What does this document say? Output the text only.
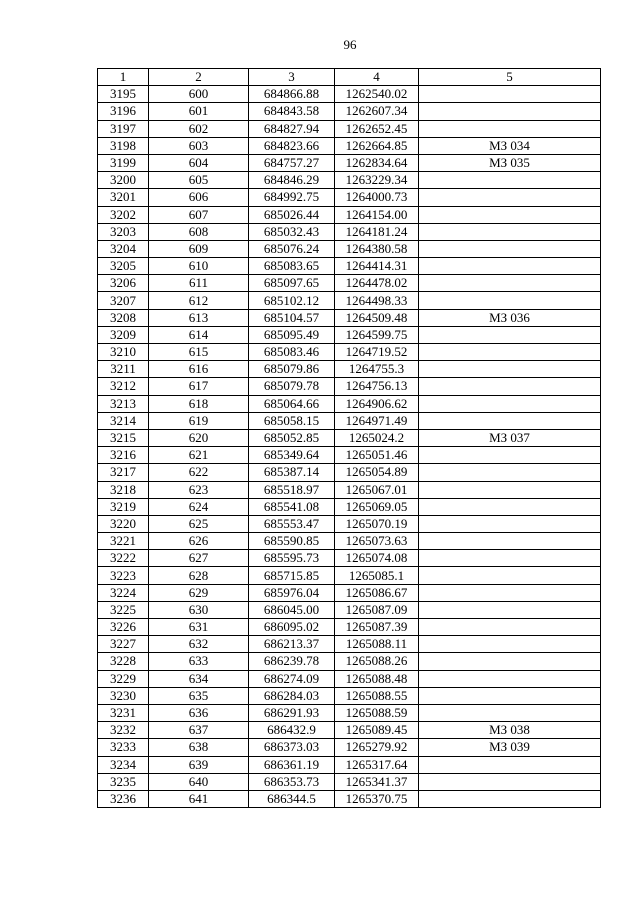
96
1	2	3	4	5
3195	600	684866.88	1262540.02	
3196	601	684843.58	1262607.34	
3197	602	684827.94	1262652.45	
3198	603	684823.66	1262664.85	МЗ 034
3199	604	684757.27	1262834.64	МЗ 035
3200	605	684846.29	1263229.34	
3201	606	684992.75	1264000.73	
3202	607	685026.44	1264154.00	
3203	608	685032.43	1264181.24	
3204	609	685076.24	1264380.58	
3205	610	685083.65	1264414.31	
3206	611	685097.65	1264478.02	
3207	612	685102.12	1264498.33	
3208	613	685104.57	1264509.48	МЗ 036
3209	614	685095.49	1264599.75	
3210	615	685083.46	1264719.52	
3211	616	685079.86	1264755.3	
3212	617	685079.78	1264756.13	
3213	618	685064.66	1264906.62	
3214	619	685058.15	1264971.49	
3215	620	685052.85	1265024.2	МЗ 037
3216	621	685349.64	1265051.46	
3217	622	685387.14	1265054.89	
3218	623	685518.97	1265067.01	
3219	624	685541.08	1265069.05	
3220	625	685553.47	1265070.19	
3221	626	685590.85	1265073.63	
3222	627	685595.73	1265074.08	
3223	628	685715.85	1265085.1	
3224	629	685976.04	1265086.67	
3225	630	686045.00	1265087.09	
3226	631	686095.02	1265087.39	
3227	632	686213.37	1265088.11	
3228	633	686239.78	1265088.26	
3229	634	686274.09	1265088.48	
3230	635	686284.03	1265088.55	
3231	636	686291.93	1265088.59	
3232	637	686432.9	1265089.45	МЗ 038
3233	638	686373.03	1265279.92	МЗ 039
3234	639	686361.19	1265317.64	
3235	640	686353.73	1265341.37	
3236	641	686344.5	1265370.75	
